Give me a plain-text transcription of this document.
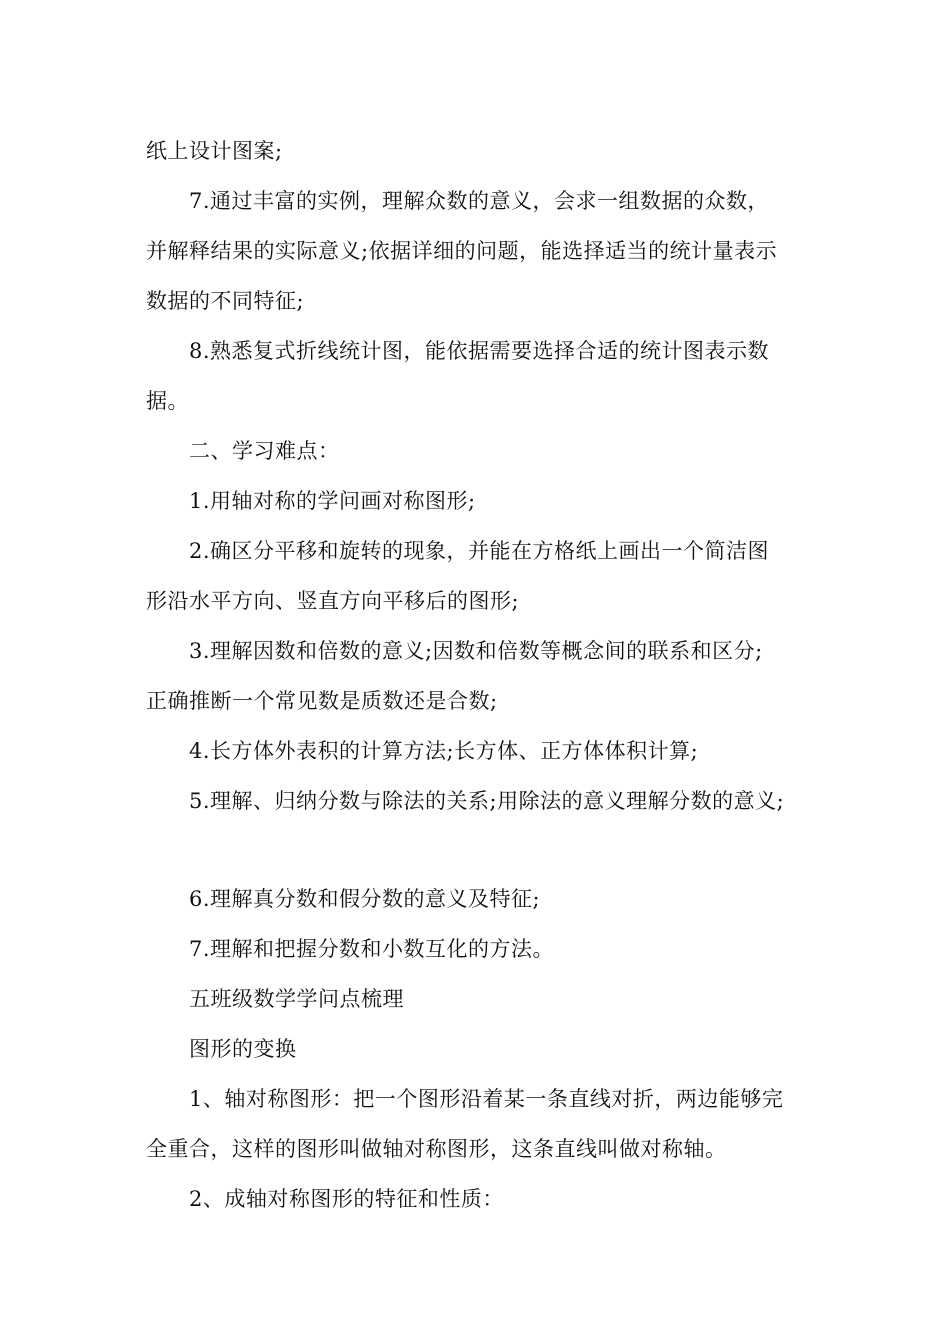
纸上设计图案;
7.通过丰富的实例，理解众数的意义，会求一组数据的众数，
并解释结果的实际意义;依据详细的问题，能选择适当的统计量表示
数据的不同特征;
8.熟悉复式折线统计图，能依据需要选择合适的统计图表示数
据。
二、学习难点：
1.用轴对称的学问画对称图形;
2.确区分平移和旋转的现象，并能在方格纸上画出一个简洁图
形沿水平方向、竖直方向平移后的图形;
3.理解因数和倍数的意义;因数和倍数等概念间的联系和区分;
正确推断一个常见数是质数还是合数;
4.长方体外表积的计算方法;长方体、正方体体积计算;
5.理解、归纳分数与除法的关系;用除法的意义理解分数的意义;
6.理解真分数和假分数的意义及特征;
7.理解和把握分数和小数互化的方法。
五班级数学学问点梳理
图形的变换
1、轴对称图形：把一个图形沿着某一条直线对折，两边能够完
全重合，这样的图形叫做轴对称图形，这条直线叫做对称轴。
2、成轴对称图形的特征和性质：
